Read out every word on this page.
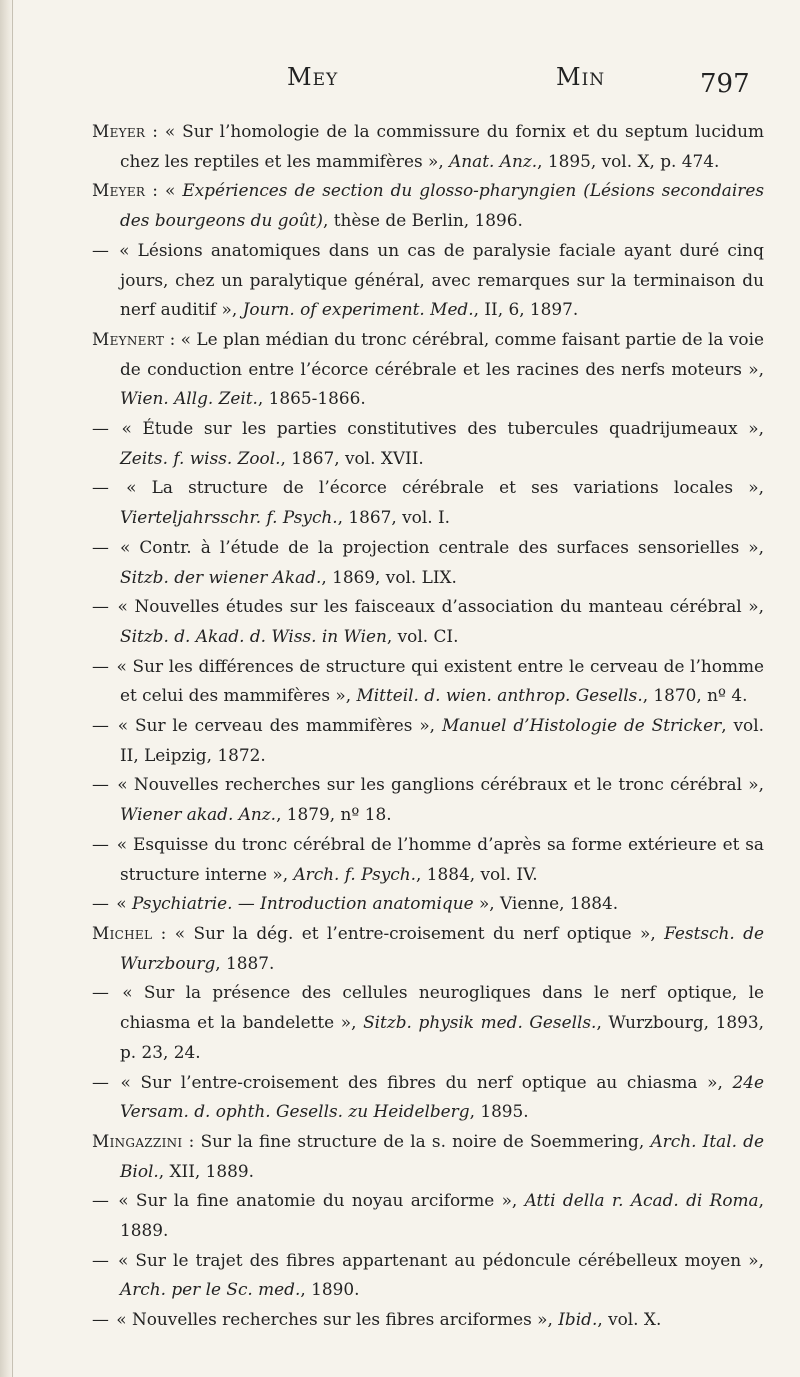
Mey	Min	797

Meyer : « Sur l’homologie de la commissure du fornix et du septum lucidum chez les reptiles et les mammifères », Anat. Anz., 1895, vol. X, p. 474.

Meyer : « Expériences de section du glosso-pharyngien (Lésions secondaires des bourgeons du goût), thèse de Berlin, 1896.

— « Lésions anatomiques dans un cas de paralysie faciale ayant duré cinq jours, chez un paralytique général, avec remarques sur la terminaison du nerf auditif », Journ. of experiment. Med., II, 6, 1897.

Meynert : « Le plan médian du tronc cérébral, comme faisant partie de la voie de conduction entre l’écorce cérébrale et les racines des nerfs moteurs », Wien. Allg. Zeit., 1865-1866.

— « Étude sur les parties constitutives des tubercules quadrijumeaux », Zeits. f. wiss. Zool., 1867, vol. XVII.

— « La structure de l’écorce cérébrale et ses variations locales », Vierteljahrsschr. f. Psych., 1867, vol. I.

— « Contr. à l’étude de la projection centrale des surfaces sensorielles », Sitzb. der wiener Akad., 1869, vol. LIX.

— « Nouvelles études sur les faisceaux d’association du manteau cérébral », Sitzb. d. Akad. d. Wiss. in Wien, vol. CI.

— « Sur les différences de structure qui existent entre le cerveau de l’homme et celui des mammifères », Mitteil. d. wien. anthrop. Gesells., 1870, nº 4.

— « Sur le cerveau des mammifères », Manuel d’Histologie de Stricker, vol. II, Leipzig, 1872.

— « Nouvelles recherches sur les ganglions cérébraux et le tronc cérébral », Wiener akad. Anz., 1879, nº 18.

— « Esquisse du tronc cérébral de l’homme d’après sa forme extérieure et sa structure interne », Arch. f. Psych., 1884, vol. IV.

— « Psychiatrie. — Introduction anatomique », Vienne, 1884.

Michel : « Sur la dég. et l’entre-croisement du nerf optique », Festsch. de Wurzbourg, 1887.

— « Sur la présence des cellules neurogliques dans le nerf optique, le chiasma et la bandelette », Sitzb. physik med. Gesells., Wurzbourg, 1893, p. 23, 24.

— « Sur l’entre-croisement des fibres du nerf optique au chiasma », 24e Versam. d. ophth. Gesells. zu Heidelberg, 1895.

Mingazzini : Sur la fine structure de la s. noire de Soemmering, Arch. Ital. de Biol., XII, 1889.

— « Sur la fine anatomie du noyau arciforme », Atti della r. Acad. di Roma, 1889.

— « Sur le trajet des fibres appartenant au pédoncule cérébelleux moyen », Arch. per le Sc. med., 1890.

— « Nouvelles recherches sur les fibres arciformes », Ibid., vol. X.
